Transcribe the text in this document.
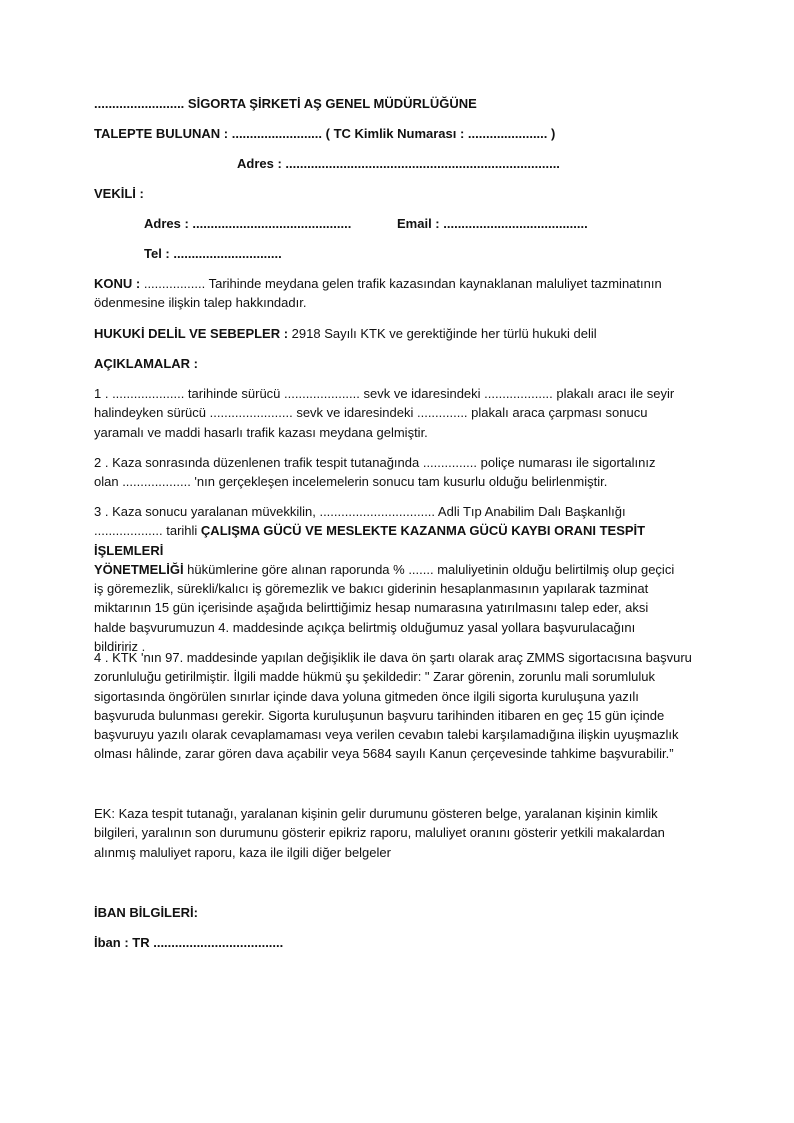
......................... SİGORTA ŞİRKETİ AŞ GENEL MÜDÜRLÜĞÜNE
TALEPTE BULUNAN : ......................... ( TC Kimlik Numarası : ...................... )
Adres : ............................................................................
VEKİLİ :
Adres : ............................................	Email : ........................................
Tel : ..............................

KONU : ................. Tarihinde meydana gelen trafik kazasından kaynaklanan maluliyet tazminatının

ödenmesine ilişkin talep hakkındadır.

HUKUKİ DELİL VE SEBEPLER : 2918 Sayılı KTK ve gerektiğinde her türlü hukuki delil
AÇIKLAMALAR :

1 . .................... tarihinde sürücü ..................... sevk ve idaresindeki ................... plakalı aracı ile seyir

halindeyken sürücü ....................... sevk ve idaresindeki .............. plakalı araca çarpması sonucu

yaramalı ve maddi hasarlı trafik kazası meydana gelmiştir.

2 . Kaza sonrasında düzenlenen trafik tespit tutanağında ............... poliçe numarası ile sigortalınız

olan ................... 'nın gerçekleşen incelemelerin sonucu tam kusurlu olduğu belirlenmiştir.

3 . Kaza sonucu yaralanan müvekkilin, ................................ Adli Tıp Anabilim Dalı Başkanlığı

................... tarihli ÇALIŞMA GÜCÜ VE MESLEKTE KAZANMA GÜCÜ KAYBI ORANI TESPİT İŞLEMLERİ

YÖNETMELİĞİ hükümlerine göre alınan raporunda % ....... maluliyetinin olduğu belirtilmiş olup geçici

iş göremezlik, sürekli/kalıcı iş göremezlik ve bakıcı giderinin hesaplanmasının yapılarak tazminat

miktarının 15 gün içerisinde aşağıda belirttiğimiz hesap numarasına yatırılmasını talep eder, aksi

halde başvurumuzun 4. maddesinde açıkça belirtmiş olduğumuz yasal yollara başvurulacağını

bildiririz .

4 . KTK 'nın 97. maddesinde yapılan değişiklik ile dava ön şartı olarak araç ZMMS sigortacısına başvuru

zorunluluğu getirilmiştir. İlgili madde hükmü şu şekildedir: " Zarar görenin, zorunlu mali sorumluluk

sigortasında öngörülen sınırlar içinde dava yoluna gitmeden önce ilgili sigorta kuruluşuna yazılı

başvuruda bulunması gerekir. Sigorta kuruluşunun başvuru tarihinden itibaren en geç 15 gün içinde

başvuruyu yazılı olarak cevaplamaması veya verilen cevabın talebi karşılamadığına ilişkin uyuşmazlık

olması hâlinde, zarar gören dava açabilir veya 5684 sayılı Kanun çerçevesinde tahkime başvurabilir.”

EK: Kaza tespit tutanağı, yaralanan kişinin gelir durumunu gösteren belge, yaralanan kişinin kimlik

bilgileri, yaralının son durumunu gösterir epikriz raporu, maluliyet oranını gösterir yetkili makalardan

alınmış maluliyet raporu, kaza ile ilgili diğer belgeler

İBAN BİLGİLERİ:
İban : TR ....................................
